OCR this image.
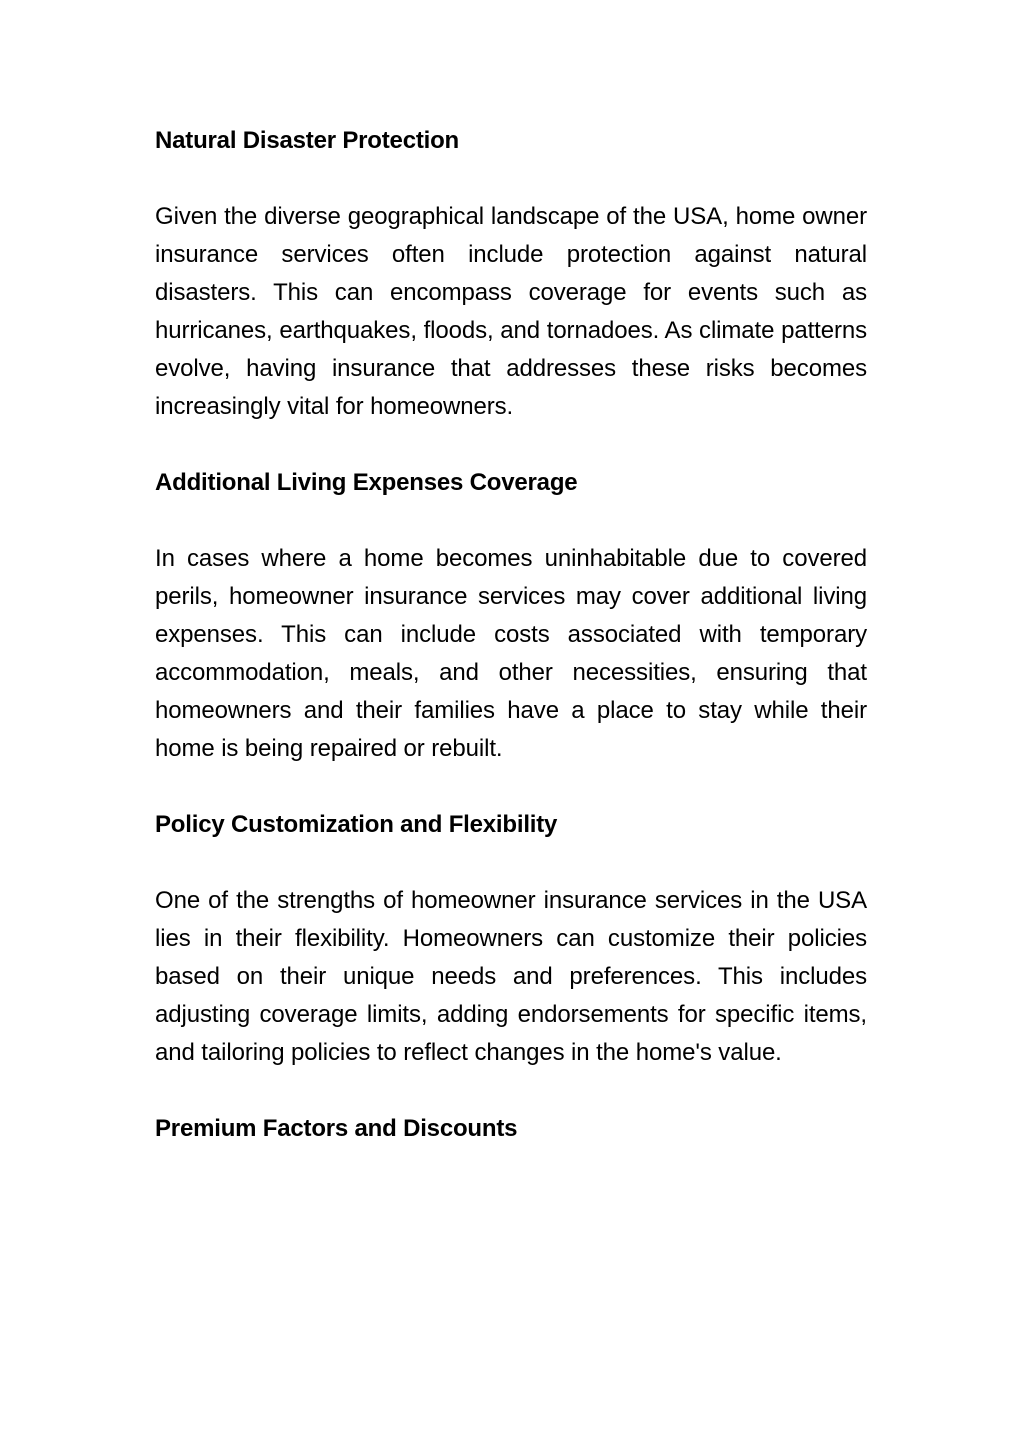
Natural Disaster Protection

Given the diverse geographical landscape of the USA, home owner insurance services often include protection against natural disasters. This can encompass coverage for events such as hurricanes, earthquakes, floods, and tornadoes. As climate patterns evolve, having insurance that addresses these risks becomes increasingly vital for homeowners.

Additional Living Expenses Coverage

In cases where a home becomes uninhabitable due to covered perils, homeowner insurance services may cover additional living expenses. This can include costs associated with temporary accommodation, meals, and other necessities, ensuring that homeowners and their families have a place to stay while their home is being repaired or rebuilt.

Policy Customization and Flexibility

One of the strengths of homeowner insurance services in the USA lies in their flexibility. Homeowners can customize their policies based on their unique needs and preferences. This includes adjusting coverage limits, adding endorsements for specific items, and tailoring policies to reflect changes in the home's value.

Premium Factors and Discounts
